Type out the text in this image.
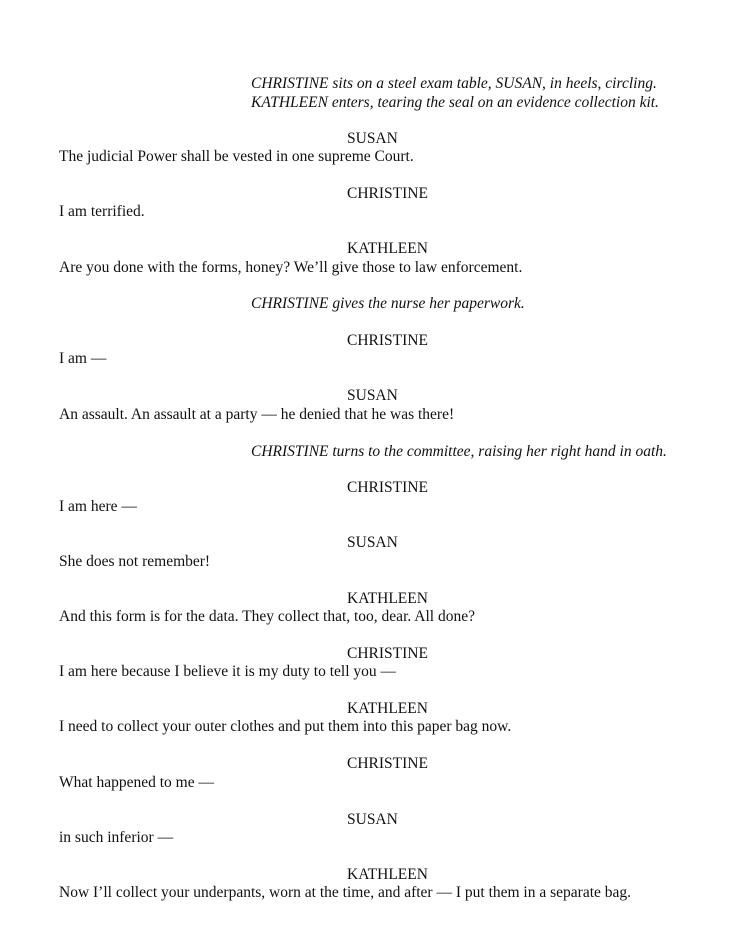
CHRISTINE sits on a steel exam table, SUSAN, in heels, circling.
KATHLEEN enters, tearing the seal on an evidence collection kit.
SUSAN
The judicial Power shall be vested in one supreme Court.
CHRISTINE
I am terrified.
KATHLEEN
Are you done with the forms, honey? We’ll give those to law enforcement.
CHRISTINE gives the nurse her paperwork.
CHRISTINE
I am —
SUSAN
An assault. An assault at a party — he denied that he was there!
CHRISTINE turns to the committee, raising her right hand in oath.
CHRISTINE
I am here —
SUSAN
She does not remember!
KATHLEEN
And this form is for the data. They collect that, too, dear. All done?
CHRISTINE
I am here because I believe it is my duty to tell you —
KATHLEEN
I need to collect your outer clothes and put them into this paper bag now.
CHRISTINE
What happened to me —
SUSAN
in such inferior —
KATHLEEN
Now I’ll collect your underpants, worn at the time, and after — I put them in a separate bag.
